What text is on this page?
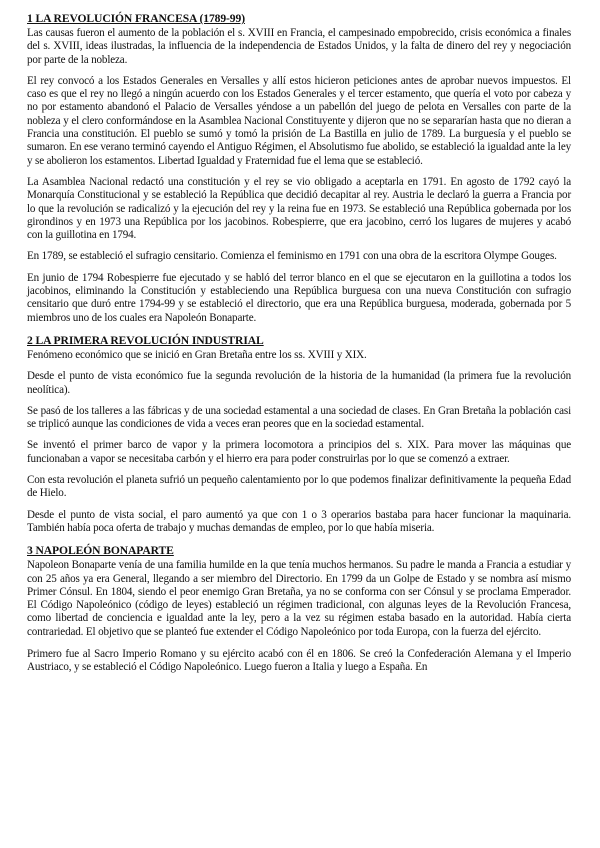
1 LA REVOLUCIÓN FRANCESA (1789-99)

Las causas fueron el aumento de la población el s. XVIII en Francia, el campesinado empobrecido, crisis económica a finales del s. XVIII, ideas ilustradas, la influencia de la independencia de Estados Unidos, y la falta de dinero del rey y negociación por parte de la nobleza.

El rey convocó a los Estados Generales en Versalles y allí estos hicieron peticiones antes de aprobar nuevos impuestos. El caso es que el rey no llegó a ningún acuerdo con los Estados Generales y el tercer estamento, que quería el voto por cabeza y no por estamento abandonó el Palacio de Versalles yéndose a un pabellón del juego de pelota en Versalles con parte de la nobleza y el clero conformándose en la Asamblea Nacional Constituyente y dijeron que no se separarían hasta que no dieran a Francia una constitución. El pueblo se sumó y tomó la prisión de La Bastilla en julio de 1789. La burguesía y el pueblo se sumaron. En ese verano terminó cayendo el Antiguo Régimen, el Absolutismo fue abolido, se estableció la igualdad ante la ley y se abolieron los estamentos. Libertad Igualdad y Fraternidad fue el lema que se estableció.

La Asamblea Nacional redactó una constitución y el rey se vio obligado a aceptarla en 1791. En agosto de 1792 cayó la Monarquía Constitucional y se estableció la República que decidió decapitar al rey. Austria le declaró la guerra a Francia por lo que la revolución se radicalizó y la ejecución del rey y la reina fue en 1973. Se estableció una República gobernada por los girondinos y en 1973 una República por los jacobinos. Robespierre, que era jacobino, cerró los lugares de mujeres y acabó con la guillotina en 1794.

En 1789, se estableció el sufragio censitario. Comienza el feminismo en 1791 con una obra de la escritora Olympe Gouges.

En junio de 1794 Robespierre fue ejecutado y se habló del terror blanco en el que se ejecutaron en la guillotina a todos los jacobinos, eliminando la Constitución y estableciendo una República burguesa con una nueva Constitución con sufragio censitario que duró entre 1794-99 y se estableció el directorio, que era una República burguesa, moderada, gobernada por 5 miembros uno de los cuales era Napoleón Bonaparte.

2 LA PRIMERA REVOLUCIÓN INDUSTRIAL

Fenómeno económico que se inició en Gran Bretaña entre los ss. XVIII y XIX.

Desde el punto de vista económico fue la segunda revolución de la historia de la humanidad (la primera fue la revolución neolítica).

Se pasó de los talleres a las fábricas y de una sociedad estamental a una sociedad de clases. En Gran Bretaña la población casi se triplicó aunque las condiciones de vida a veces eran peores que en la sociedad estamental.

Se inventó el primer barco de vapor y la primera locomotora a principios del s. XIX. Para mover las máquinas que funcionaban a vapor se necesitaba carbón y el hierro era para poder construirlas por lo que se comenzó a extraer.

Con esta revolución el planeta sufrió un pequeño calentamiento por lo que podemos finalizar definitivamente la pequeña Edad de Hielo.

Desde el punto de vista social, el paro aumentó ya que con 1 o 3 operarios bastaba para hacer funcionar la maquinaria. También había poca oferta de trabajo y muchas demandas de empleo, por lo que había miseria.

3 NAPOLEÓN BONAPARTE

Napoleon Bonaparte venía de una familia humilde en la que tenía muchos hermanos. Su padre le manda a Francia a estudiar y con 25 años ya era General, llegando a ser miembro del Directorio. En 1799 da un Golpe de Estado y se nombra así mismo Primer Cónsul. En 1804, siendo el peor enemigo Gran Bretaña, ya no se conforma con ser Cónsul y se proclama Emperador. El Código Napoleónico (código de leyes) estableció un régimen tradicional, con algunas leyes de la Revolución Francesa, como libertad de conciencia e igualdad ante la ley, pero a la vez su régimen estaba basado en la autoridad. Había cierta contrariedad. El objetivo que se planteó fue extender el Código Napoleónico por toda Europa, con la fuerza del ejército.

Primero fue al Sacro Imperio Romano y su ejército acabó con él en 1806. Se creó la Confederación Alemana y el Imperio Austriaco, y se estableció el Código Napoleónico. Luego fueron a Italia y luego a España. En
